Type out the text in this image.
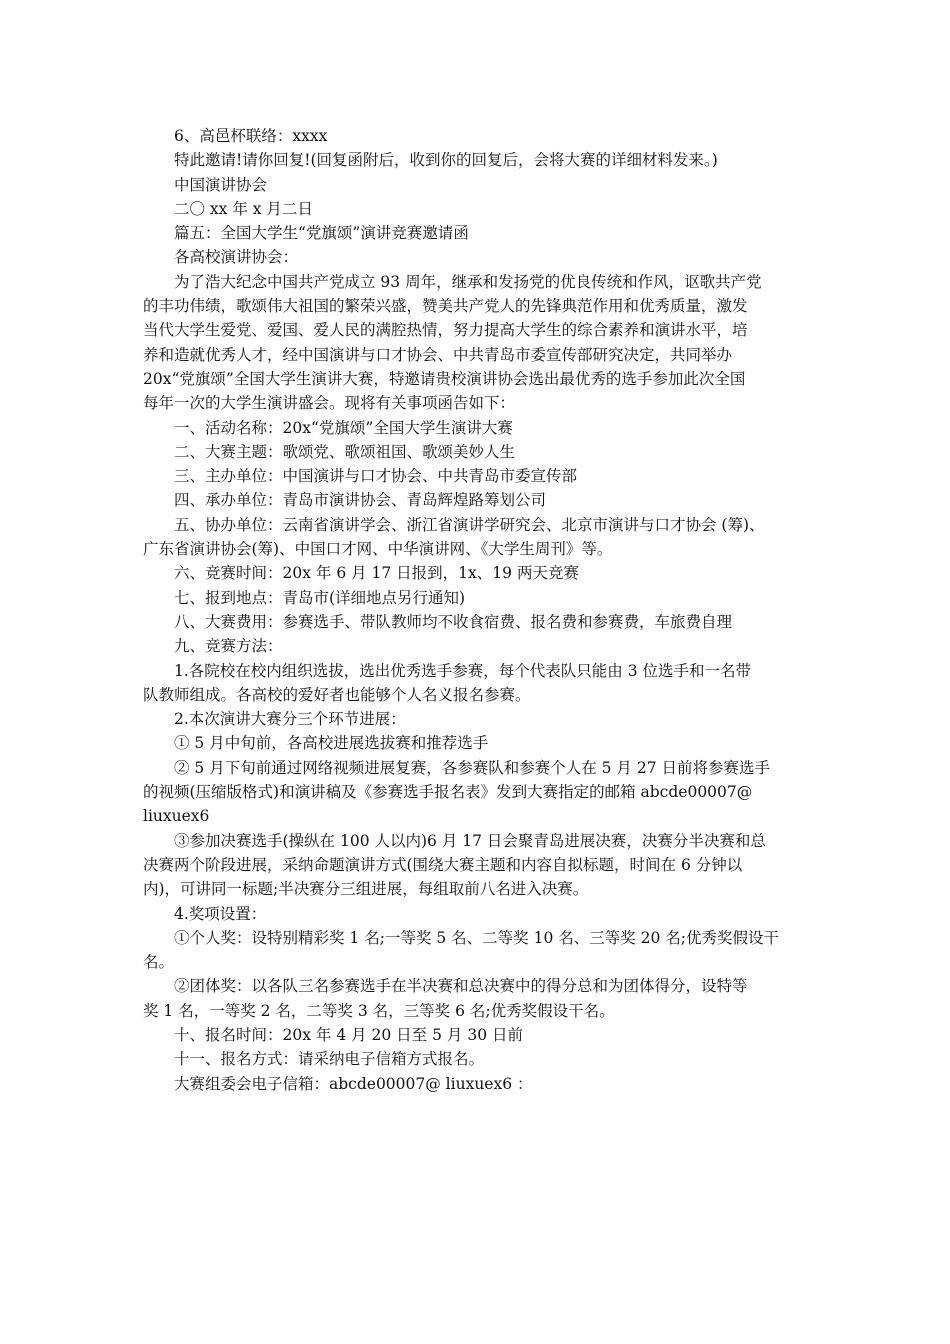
6、高邑杯联络：xxxx
特此邀请!请你回复!(回复函附后，收到你的回复后，会将大赛的详细材料发来。)
中国演讲协会
二〇 xx 年 x 月二日
篇五：全国大学生“党旗颂”演讲竞赛邀请函
各高校演讲协会：
为了浩大纪念中国共产党成立 93 周年，继承和发扬党的优良传统和作风，讴歌共产党
的丰功伟绩，歌颂伟大祖国的繁荣兴盛，赞美共产党人的先锋典范作用和优秀质量，激发
当代大学生爱党、爱国、爱人民的满腔热情，努力提高大学生的综合素养和演讲水平，培
养和造就优秀人才，经中国演讲与口才协会、中共青岛市委宣传部研究决定，共同举办
20x“党旗颂”全国大学生演讲大赛，特邀请贵校演讲协会选出最优秀的选手参加此次全国
每年一次的大学生演讲盛会。现将有关事项函告如下：
一、活动名称：20x“党旗颂”全国大学生演讲大赛
二、大赛主题：歌颂党、歌颂祖国、歌颂美妙人生
三、主办单位：中国演讲与口才协会、中共青岛市委宣传部
四、承办单位：青岛市演讲协会、青岛辉煌路筹划公司
五、协办单位：云南省演讲学会、浙江省演讲学研究会、北京市演讲与口才协会 (筹)、
广东省演讲协会(筹)、中国口才网、中华演讲网、《大学生周刊》等。
六、竞赛时间：20x 年 6 月 17 日报到，1x、19 两天竞赛
七、报到地点：青岛市(详细地点另行通知)
八、大赛费用：参赛选手、带队教师均不收食宿费、报名费和参赛费，车旅费自理
九、竞赛方法：
1.各院校在校内组织选拔，选出优秀选手参赛，每个代表队只能由 3 位选手和一名带
队教师组成。各高校的爱好者也能够个人名义报名参赛。
2.本次演讲大赛分三个环节进展：
① 5 月中旬前，各高校进展选拔赛和推荐选手
② 5 月下旬前通过网络视频进展复赛，各参赛队和参赛个人在 5 月 27 日前将参赛选手
的视频(压缩版格式)和演讲稿及《参赛选手报名表》发到大赛指定的邮箱 abcde00007@
liuxuex6
③参加决赛选手(操纵在 100 人以内)6 月 17 日会聚青岛进展决赛，决赛分半决赛和总
决赛两个阶段进展，采纳命题演讲方式(围绕大赛主题和内容自拟标题，时间在 6 分钟以
内)，可讲同一标题;半决赛分三组进展，每组取前八名进入决赛。
4.奖项设置：
①个人奖：设特别精彩奖 1 名;一等奖 5 名、二等奖 10 名、三等奖 20 名;优秀奖假设干
名。
②团体奖：以各队三名参赛选手在半决赛和总决赛中的得分总和为团体得分，设特等
奖 1 名，一等奖 2 名，二等奖 3 名，三等奖 6 名;优秀奖假设干名。
十、报名时间：20x 年 4 月 20 日至 5 月 30 日前
十一、报名方式：请采纳电子信箱方式报名。
大赛组委会电子信箱：abcde00007@ liuxuex6 ：
